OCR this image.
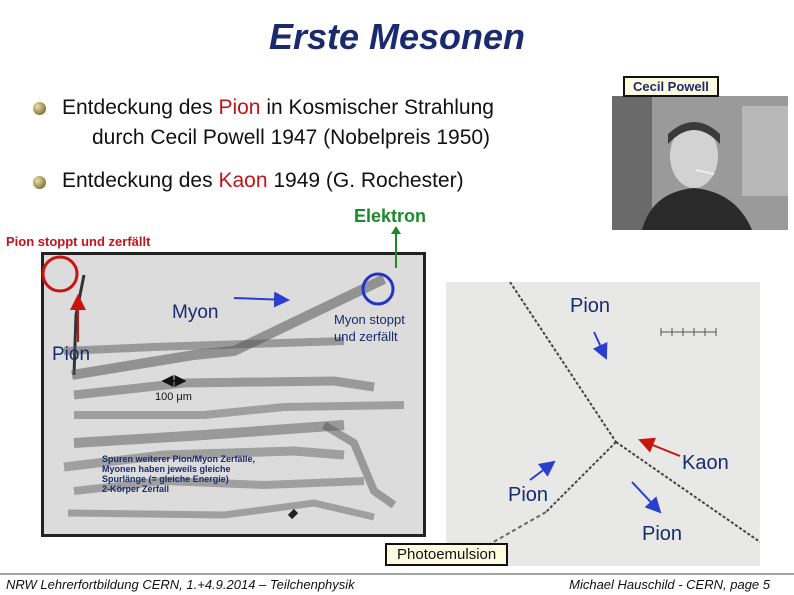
Erste Mesonen
Entdeckung des Pion in Kosmischer Strahlung
durch Cecil Powell 1947 (Nobelpreis 1950)
Entdeckung des Kaon 1949 (G. Rochester)
Cecil Powell
Elektron
Pion stoppt und zerfällt
Myon
Pion
Myon stoppt
und zerfällt
100 μm
Pion
Kaon
Pion
Pion
Spuren weiterer Pion/Myon Zerfälle,
Myonen haben jeweils gleiche
Spurlänge (= gleiche Energie)
2-Körper Zerfall
Photoemulsion
NRW Lehrerfortbildung CERN, 1.+4.9.2014 – Teilchenphysik	Michael Hauschild - CERN, page 5
